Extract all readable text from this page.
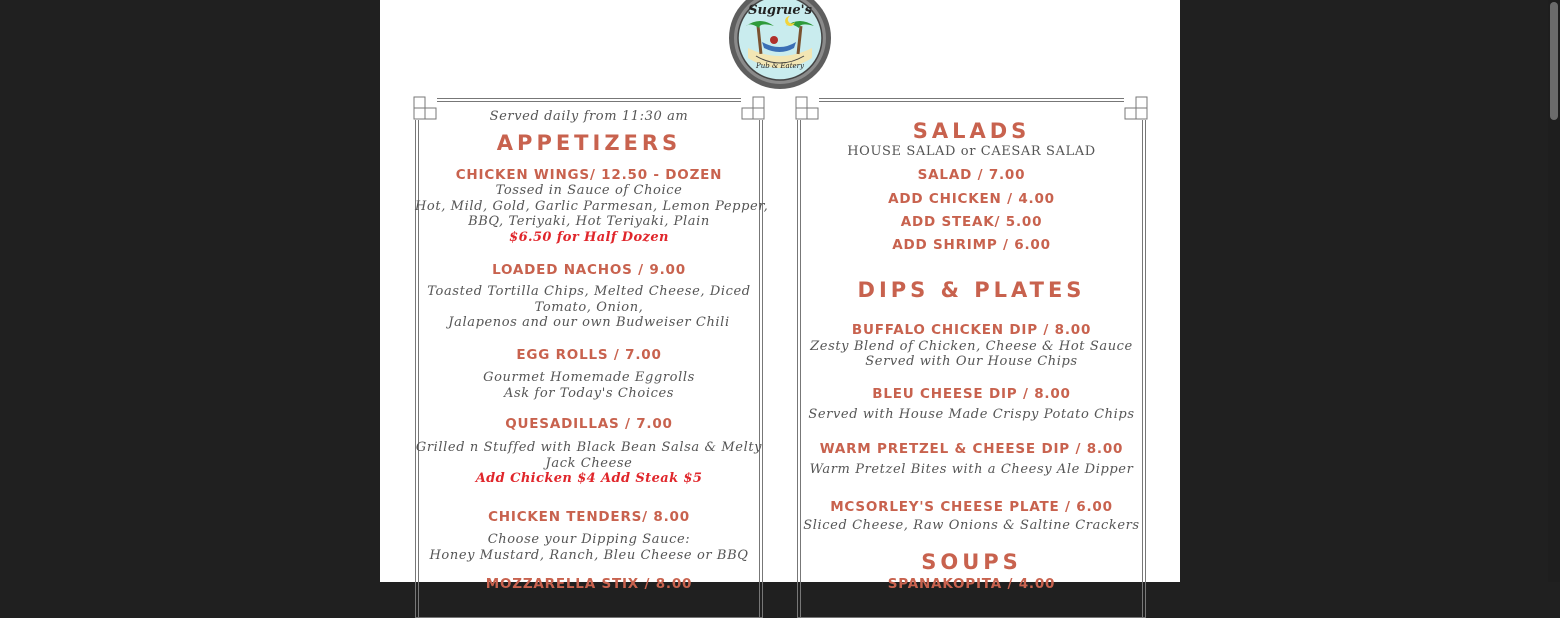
Sugrue's
Pub & Eatery
Served daily from 11:30 am
APPETIZERS
CHICKEN WINGS/ 12.50 - DOZEN
Tossed in Sauce of Choice
Hot, Mild, Gold, Garlic Parmesan, Lemon Pepper,
BBQ, Teriyaki, Hot Teriyaki, Plain
$6.50 for Half Dozen
LOADED NACHOS / 9.00
Toasted Tortilla Chips, Melted Cheese, Diced
Tomato, Onion,
Jalapenos and our own Budweiser Chili
EGG ROLLS / 7.00
Gourmet Homemade Eggrolls
Ask for Today's Choices
QUESADILLAS / 7.00
Grilled n Stuffed with Black Bean Salsa & Melty
Jack Cheese
Add Chicken $4 Add Steak $5
CHICKEN TENDERS/ 8.00
Choose your Dipping Sauce:
Honey Mustard, Ranch, Bleu Cheese or BBQ
MOZZARELLA STIX / 8.00
SALADS
HOUSE SALAD or CAESAR SALAD
SALAD / 7.00
ADD CHICKEN / 4.00
ADD STEAK/ 5.00
ADD SHRIMP / 6.00
DIPS & PLATES
BUFFALO CHICKEN DIP / 8.00
Zesty Blend of Chicken, Cheese & Hot Sauce
Served with Our House Chips
BLEU CHEESE DIP / 8.00
Served with House Made Crispy Potato Chips
WARM PRETZEL & CHEESE DIP / 8.00
Warm Pretzel Bites with a Cheesy Ale Dipper
MCSORLEY'S CHEESE PLATE / 6.00
Sliced Cheese, Raw Onions & Saltine Crackers
SOUPS
SPANAKOPITA / 4.00
